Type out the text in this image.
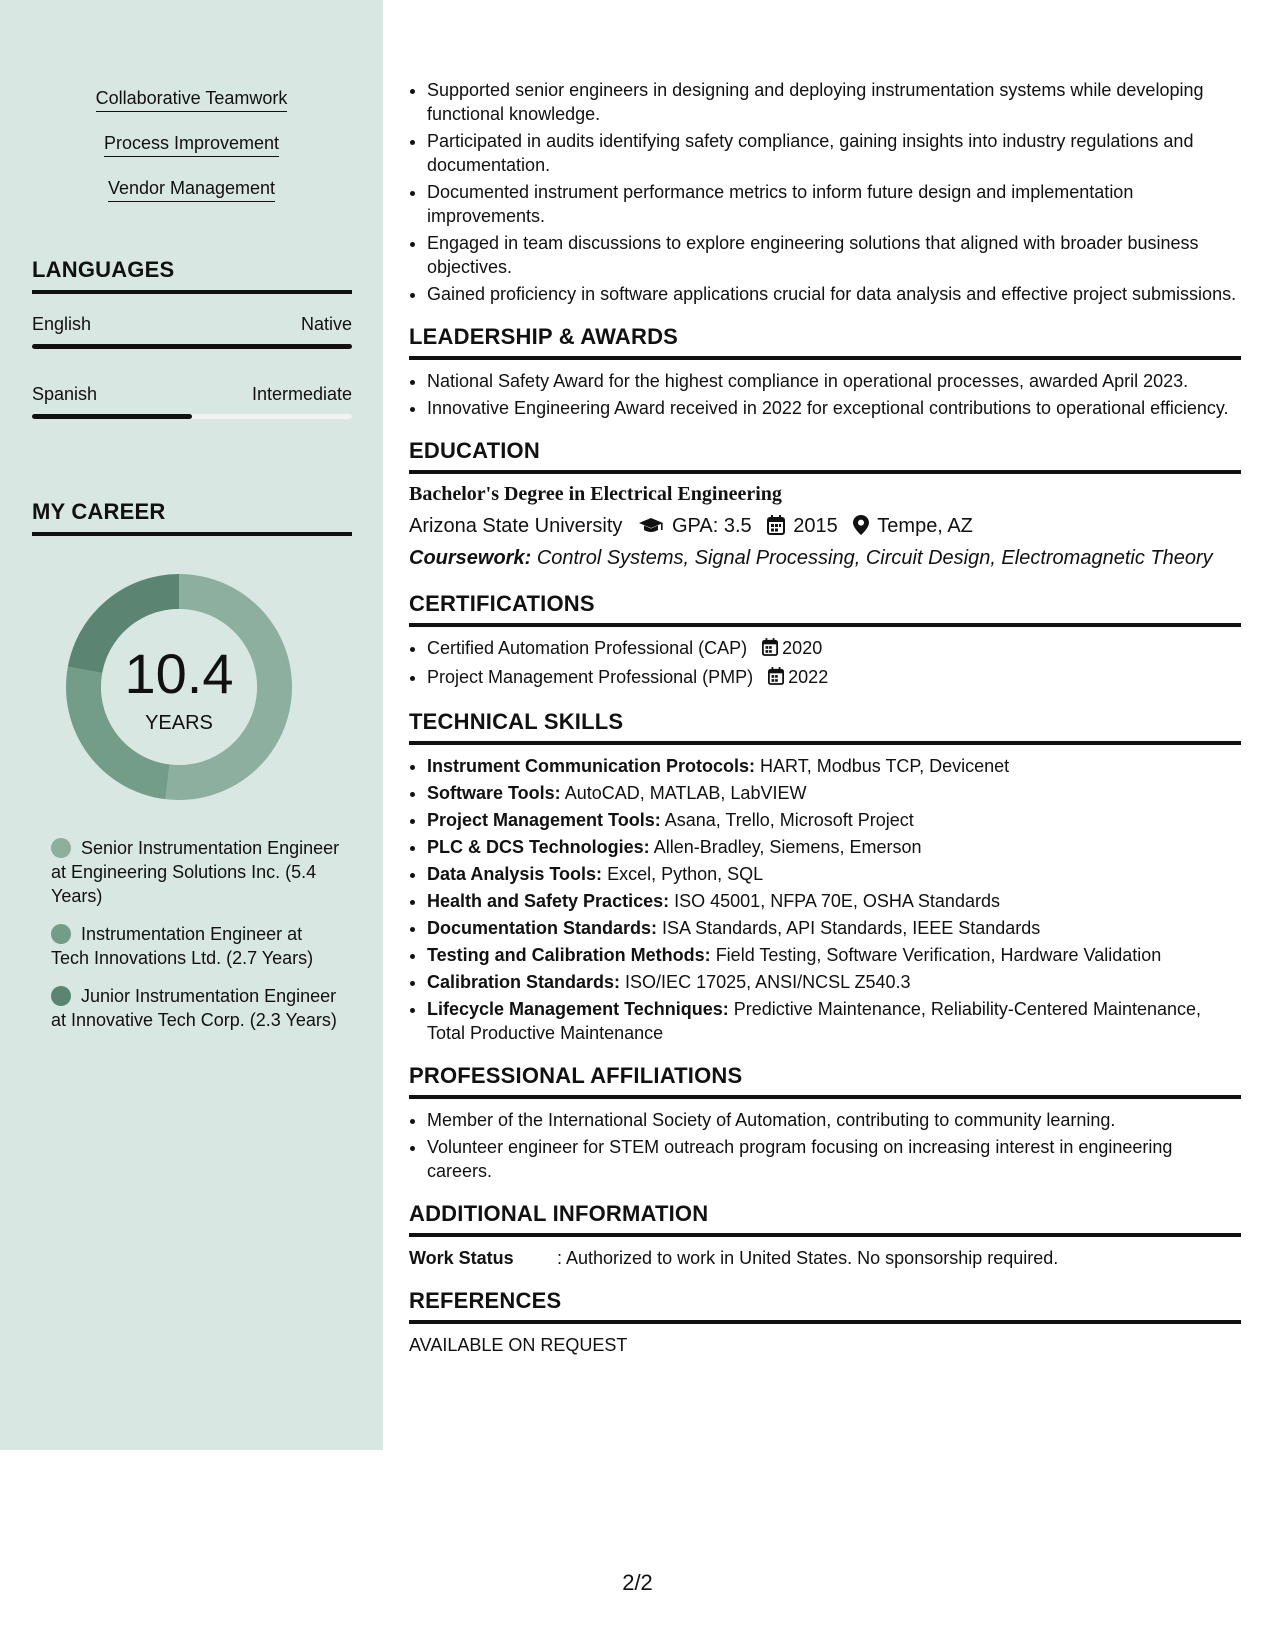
Collaborative Teamwork
Process Improvement
Vendor Management
LANGUAGES
English	Native
Spanish	Intermediate
MY CAREER
10.4
YEARS
Senior Instrumentation Engineer at Engineering Solutions Inc. (5.4 Years)
Instrumentation Engineer at Tech Innovations Ltd. (2.7 Years)
Junior Instrumentation Engineer at Innovative Tech Corp. (2.3 Years)
• Supported senior engineers in designing and deploying instrumentation systems while developing functional knowledge.
• Participated in audits identifying safety compliance, gaining insights into industry regulations and documentation.
• Documented instrument performance metrics to inform future design and implementation improvements.
• Engaged in team discussions to explore engineering solutions that aligned with broader business objectives.
• Gained proficiency in software applications crucial for data analysis and effective project submissions.
LEADERSHIP & AWARDS
• National Safety Award for the highest compliance in operational processes, awarded April 2023.
• Innovative Engineering Award received in 2022 for exceptional contributions to operational efficiency.
EDUCATION
Bachelor's Degree in Electrical Engineering
Arizona State University GPA: 3.5 2015 Tempe, AZ
Coursework: Control Systems, Signal Processing, Circuit Design, Electromagnetic Theory
CERTIFICATIONS
• Certified Automation Professional (CAP) 2020
• Project Management Professional (PMP) 2022
TECHNICAL SKILLS
• Instrument Communication Protocols: HART, Modbus TCP, Devicenet
• Software Tools: AutoCAD, MATLAB, LabVIEW
• Project Management Tools: Asana, Trello, Microsoft Project
• PLC & DCS Technologies: Allen-Bradley, Siemens, Emerson
• Data Analysis Tools: Excel, Python, SQL
• Health and Safety Practices: ISO 45001, NFPA 70E, OSHA Standards
• Documentation Standards: ISA Standards, API Standards, IEEE Standards
• Testing and Calibration Methods: Field Testing, Software Verification, Hardware Validation
• Calibration Standards: ISO/IEC 17025, ANSI/NCSL Z540.3
• Lifecycle Management Techniques: Predictive Maintenance, Reliability-Centered Maintenance, Total Productive Maintenance
PROFESSIONAL AFFILIATIONS
• Member of the International Society of Automation, contributing to community learning.
• Volunteer engineer for STEM outreach program focusing on increasing interest in engineering careers.
ADDITIONAL INFORMATION
Work Status : Authorized to work in United States. No sponsorship required.
REFERENCES
AVAILABLE ON REQUEST
2/2
